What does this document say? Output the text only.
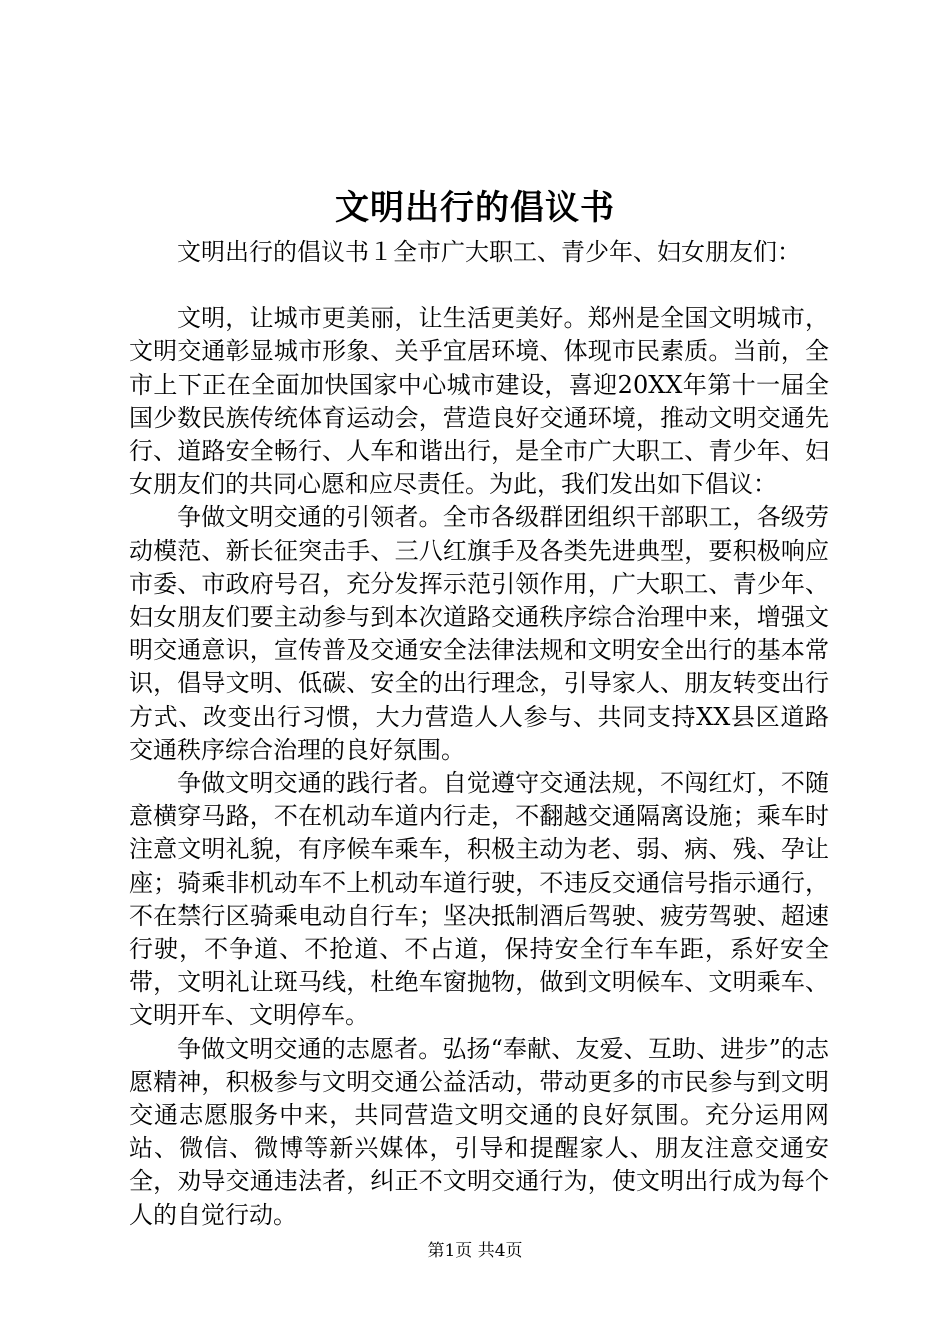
文明出行的倡议书

文明出行的倡议书１全市广大职工、青少年、妇女朋友们：

文明，让城市更美丽，让生活更美好。郑州是全国文明城市，文明交通彰显城市形象、关乎宜居环境、体现市民素质。当前，全市上下正在全面加快国家中心城市建设，喜迎20XX年第十一届全国少数民族传统体育运动会，营造良好交通环境，推动文明交通先行、道路安全畅行、人车和谐出行，是全市广大职工、青少年、妇女朋友们的共同心愿和应尽责任。为此，我们发出如下倡议：

争做文明交通的引领者。全市各级群团组织干部职工，各级劳动模范、新长征突击手、三八红旗手及各类先进典型，要积极响应市委、市政府号召，充分发挥示范引领作用，广大职工、青少年、妇女朋友们要主动参与到本次道路交通秩序综合治理中来，增强文明交通意识，宣传普及交通安全法律法规和文明安全出行的基本常识，倡导文明、低碳、安全的出行理念，引导家人、朋友转变出行方式、改变出行习惯，大力营造人人参与、共同支持XX县区道路交通秩序综合治理的良好氛围。

争做文明交通的践行者。自觉遵守交通法规，不闯红灯，不随意横穿马路，不在机动车道内行走，不翻越交通隔离设施；乘车时注意文明礼貌，有序候车乘车，积极主动为老、弱、病、残、孕让座；骑乘非机动车不上机动车道行驶，不违反交通信号指示通行，不在禁行区骑乘电动自行车；坚决抵制酒后驾驶、疲劳驾驶、超速行驶，不争道、不抢道、不占道，保持安全行车车距，系好安全带，文明礼让斑马线，杜绝车窗抛物，做到文明候车、文明乘车、文明开车、文明停车。

争做文明交通的志愿者。弘扬“奉献、友爱、互助、进步”的志愿精神，积极参与文明交通公益活动，带动更多的市民参与到文明交通志愿服务中来，共同营造文明交通的良好氛围。充分运用网站、微信、微博等新兴媒体，引导和提醒家人、朋友注意交通安全，劝导交通违法者，纠正不文明交通行为，使文明出行成为每个人的自觉行动。

第1页 共4页
